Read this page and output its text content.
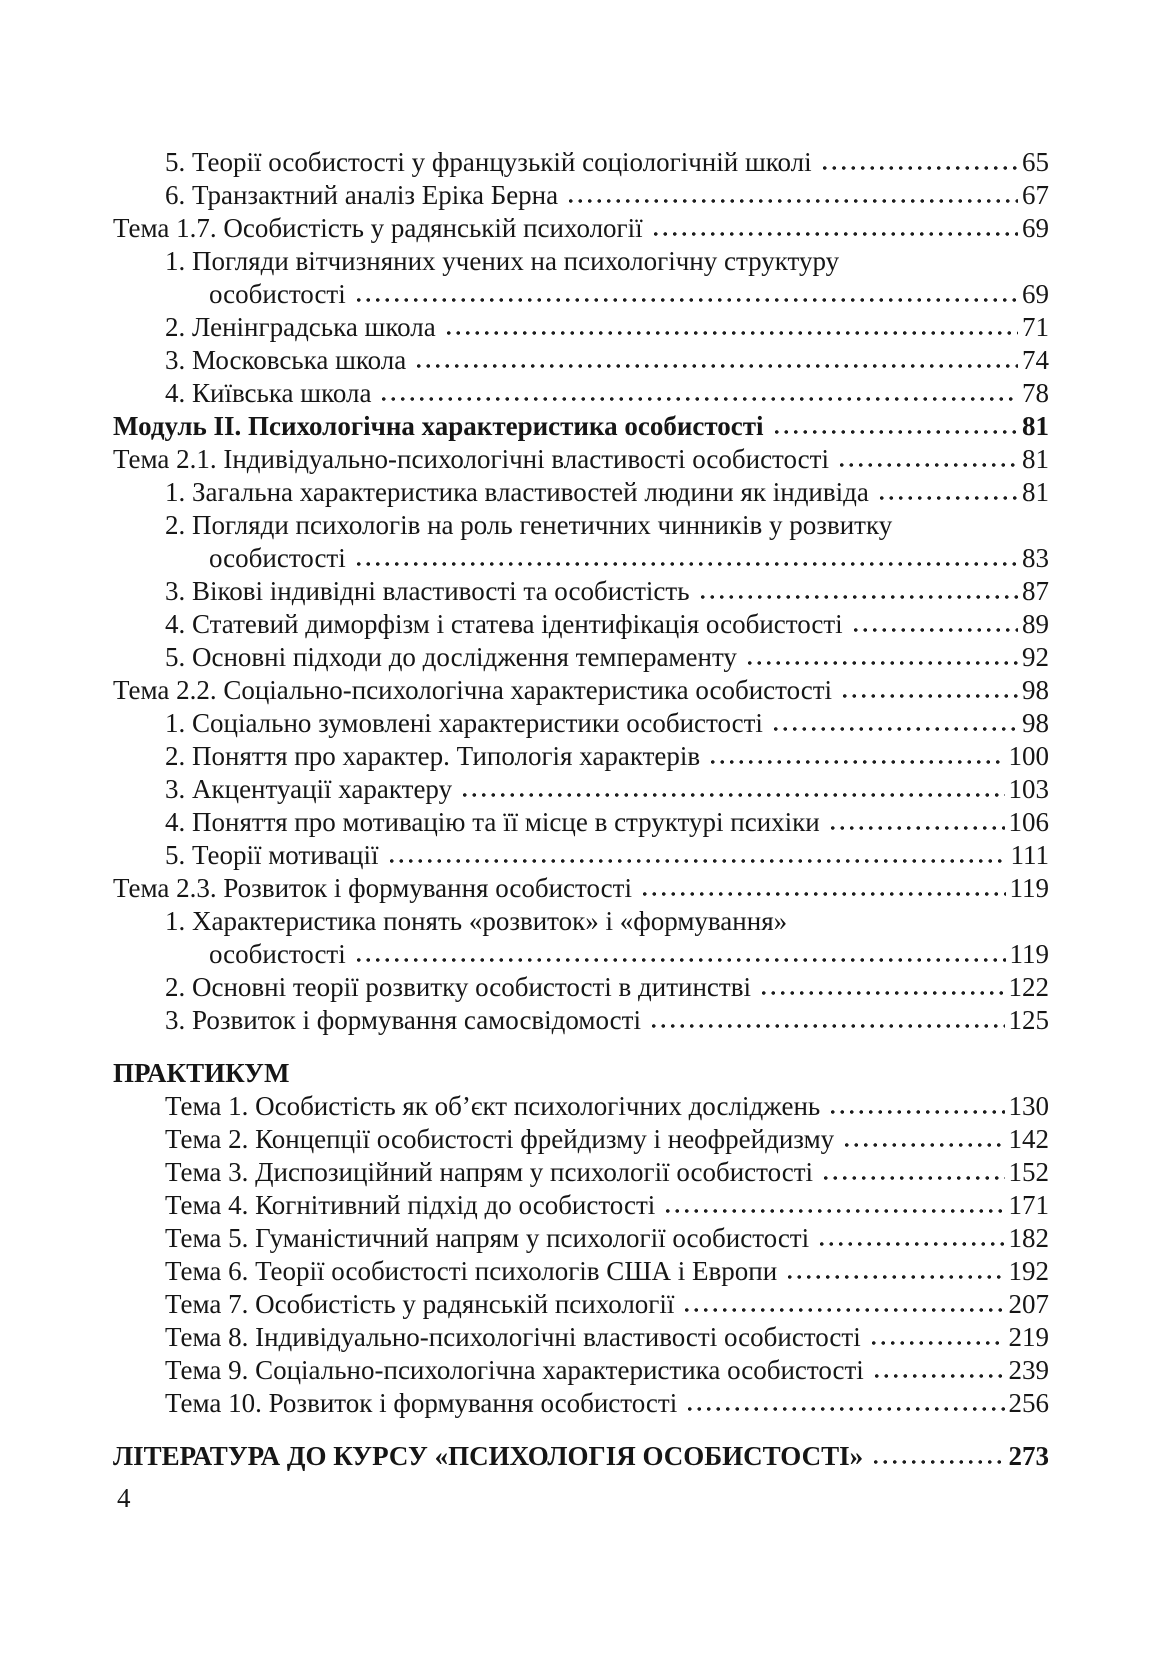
5. Теорії особистості у французькій соціологічній школі	65
6. Транзактний аналіз Еріка Берна	67
Тема 1.7. Особистість у радянській психології	69
1. Погляди вітчизняних учених на психологічну структуру
особистості	69
2. Ленінградська школа	71
3. Московська школа	74
4. Київська школа	78
Модуль ІІ. Психологічна характеристика особистості	81
Тема 2.1. Індивідуально-психологічні властивості особистості	81
1. Загальна характеристика властивостей людини як індивіда	81
2. Погляди психологів на роль генетичних чинників у розвитку
особистості	83
3. Вікові індивідні властивості та особистість	87
4. Статевий диморфізм і статева ідентифікація особистості	89
5. Основні підходи до дослідження темпераменту	92
Тема 2.2. Соціально-психологічна характеристика особистості	98
1. Соціально зумовлені характеристики особистості	98
2. Поняття про характер. Типологія характерів	100
3. Акцентуації характеру	103
4. Поняття про мотивацію та її місце в структурі психіки	106
5. Теорії мотивації	111
Тема 2.3. Розвиток і формування особистості	119
1. Характеристика понять «розвиток» і «формування»
особистості	119
2. Основні теорії розвитку особистості в дитинстві	122
3. Розвиток і формування самосвідомості	125
ПРАКТИКУМ
Тема 1. Особистість як об’єкт психологічних досліджень	130
Тема 2. Концепції особистості фрейдизму і неофрейдизму	142
Тема 3. Диспозиційний напрям у психології особистості	152
Тема 4. Когнітивний підхід до особистості	171
Тема 5. Гуманістичний напрям у психології особистості	182
Тема 6. Теорії особистості психологів США і Европи	192
Тема 7. Особистість у радянській психології	207
Тема 8. Індивідуально-психологічні властивості особистості	219
Тема 9. Соціально-психологічна характеристика особистості	239
Тема 10. Розвиток і формування особистості	256
ЛІТЕРАТУРА ДО КУРСУ «ПСИХОЛОГІЯ ОСОБИСТОСТІ»	273
4
